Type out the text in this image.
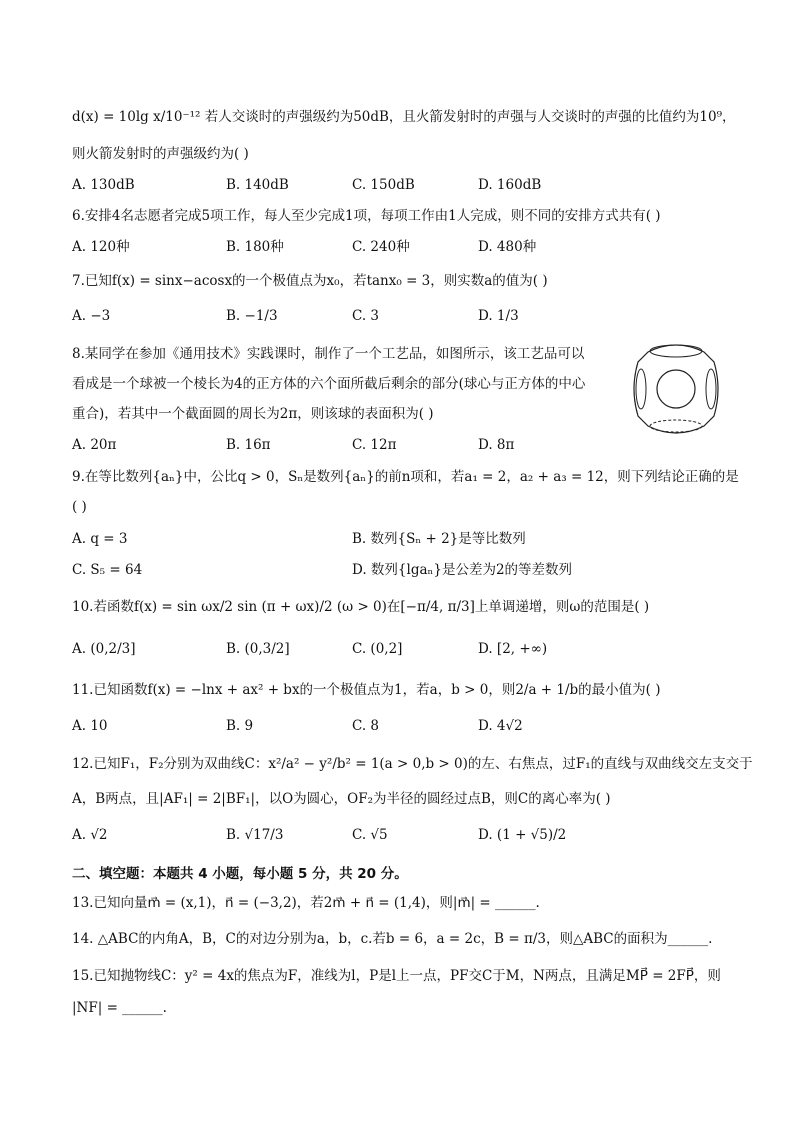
d(x) = 10lg x/10⁻¹² 若人交谈时的声强级约为50dB，且火箭发射时的声强与人交谈时的声强的比值约为10⁹，
则火箭发射时的声强级约为( )
A. 130dB	B. 140dB	C. 150dB	D. 160dB
6.安排4名志愿者完成5项工作，每人至少完成1项，每项工作由1人完成，则不同的安排方式共有( )
A. 120种	B. 180种	C. 240种	D. 480种
7.已知f(x) = sinx−acosx的一个极值点为x₀，若tanx₀ = 3，则实数a的值为( )
A. −3	B. −1/3	C. 3	D. 1/3
8.某同学在参加《通用技术》实践课时，制作了一个工艺品，如图所示，该工艺品可以
看成是一个球被一个棱长为4的正方体的六个面所截后剩余的部分(球心与正方体的中心
重合)，若其中一个截面圆的周长为2π，则该球的表面积为( )
A. 20π	B. 16π	C. 12π	D. 8π
9.在等比数列{aₙ}中，公比q > 0，Sₙ是数列{aₙ}的前n项和，若a₁ = 2，a₂ + a₃ = 12，则下列结论正确的是
( )
A. q = 3	B. 数列{Sₙ + 2}是等比数列
C. S₅ = 64	D. 数列{lgaₙ}是公差为2的等差数列
10.若函数f(x) = sin ωx/2 sin (π + ωx)/2 (ω > 0)在[−π/4, π/3]上单调递增，则ω的范围是( )
A. (0,2/3]	B. (0,3/2]	C. (0,2]	D. [2, +∞)
11.已知函数f(x) = −lnx + ax² + bx的一个极值点为1，若a，b > 0，则2/a + 1/b的最小值为( )
A. 10	B. 9	C. 8	D. 4√2
12.已知F₁，F₂分别为双曲线C：x²/a² − y²/b² = 1(a > 0,b > 0)的左、右焦点，过F₁的直线与双曲线交左支交于
A，B两点，且|AF₁| = 2|BF₁|，以O为圆心，OF₂为半径的圆经过点B，则C的离心率为( )
A. √2	B. √17/3	C. √5	D. (1 + √5)/2
二、填空题：本题共 4 小题，每小题 5 分，共 20 分。
13.已知向量m⃗ = (x,1)，n⃗ = (−3,2)，若2m⃗ + n⃗ = (1,4)，则|m⃗| = ______.
14. △ABC的内角A，B，C的对边分别为a，b，c.若b = 6，a = 2c，B = π/3，则△ABC的面积为______.
15.已知抛物线C：y² = 4x的焦点为F，准线为l，P是l上一点，PF交C于M，N两点，且满足MP⃗ = 2FP⃗，则
|NF| = ______.
